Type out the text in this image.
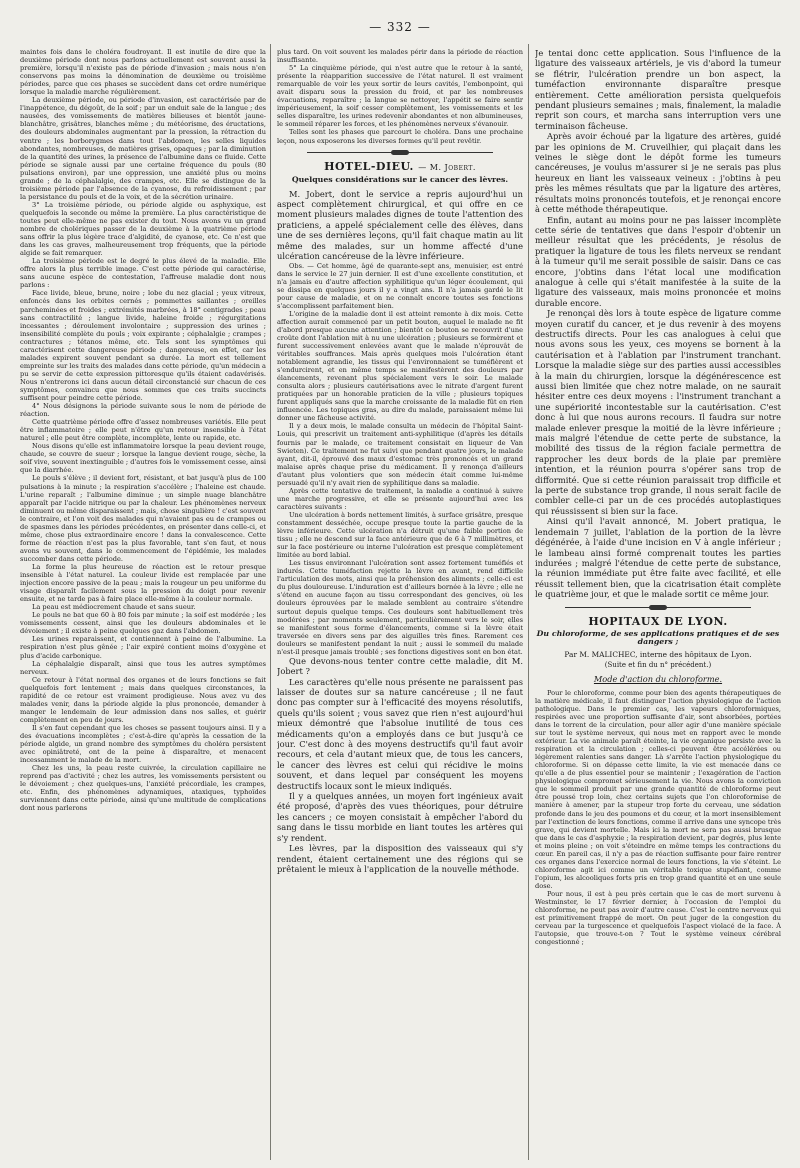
— 332 —

maintes fois dans le choléra foudroyant. Il est inutile de dire que la deuxième période dont nous parlons actuellement est souvent aussi la première, lorsqu'il n'existe pas de période d'invasion ; mais nous n'en conservons pas moins la dénomination de deuxième ou troisième périodes, parce que ces phases se succèdent dans cet ordre numérique lorsque la maladie marche régulièrement.

La deuxième période, ou période d'invasion, est caractérisée par de l'inappétence, du dégoût, de la soif ; par un enduit sale de la langue ; des nausées, des vomissements de matières bilieuses et bientôt jaune-blanchâtre, grisâtres, blanches même ; du météorisme, des éructations, des douleurs abdominales augmentant par la pression, la rétraction du ventre ; les borborygmes dans tout l'abdomen, les selles liquides abondantes, nombreuses, de matières grises, opaques ; par la diminution de la quantité des urines, la présence de l'albumine dans ce fluide. Cette période se signale aussi par une certaine fréquence du pouls (80 pulsations environ), par une oppression, une anxiété plus ou moins grande ; de la céphalalgie, des crampes, etc. Elle se distingue de la troisième période par l'absence de la cyanose, du refroidissement ; par la persistance du pouls et de la voix, et de la sécrétion urinaire.

3° La troisième période, ou période algide ou asphyxique, est quelquefois la seconde ou même la première. La plus caractéristique de toutes peut elle-même ne pas exister du tout. Nous avons vu un grand nombre de cholériques passer de la deuxième à la quatrième période sans offrir la plus légère trace d'algidité, de cyanose, etc. Ce n'est que dans les cas graves, malheureusement trop fréquents, que la période algide se fait remarquer.

La troisième période est le degré le plus élevé de la maladie. Elle offre alors la plus terrible image. C'est cette période qui caractérise, sans aucune espèce de contestation, l'affreuse maladie dont nous parlons :

Face livide, bleue, brune, noire ; lobe du nez glacial ; yeux vitreux, enfoncés dans les orbites cernés ; pommettes saillantes ; oreilles parcheminées et froides ; extrémités marbrées, à 18° centigrades ; peau sans contractilité ; langue livide, haleine froide ; régurgitations incessantes ; déroulement involontaire ; suppression des urines ; insensibilité complète du pouls ; voix expirante ; céphalalgie ; crampes ; contractures ; tétanos même, etc. Tels sont les symptômes qui caractérisent cette dangereuse période ; dangereuse, en effet, car les malades expirent souvent pendant sa durée. La mort est tellement empreinte sur les traits des malades dans cette période, qu'un médecin a pu se servir de cette expression pittoresque qu'ils étaient cadavérisés. Nous n'entrerons ici dans aucun détail circonstancié sur chacun de ces symptômes, convaincu que nous sommes que ces traits succincts suffisent pour peindre cette période.

4° Nous désignons la période suivante sous le nom de période de réaction.

Cette quatrième période offre d'assez nombreuses variétés. Elle peut être inflammatoire ; elle peut n'être qu'un retour insensible à l'état naturel ; elle peut être complète, incomplète, lente ou rapide, etc.

Nous disons qu'elle est inflammatoire lorsque la peau devient rouge, chaude, se couvre de sueur ; lorsque la langue devient rouge, sèche, la soif vive, souvent inextinguible ; d'autres fois le vomissement cesse, ainsi que la diarrhée.

Le pouls s'élève ; il devient fort, résistant, et bat jusqu'à plus de 100 pulsations à la minute ; la respiration s'accélère ; l'haleine est chaude. L'urine reparaît ; l'albumine diminue ; un simple nuage blanchâtre apparaît par l'acide nitrique ou par la chaleur. Les phénomènes nerveux diminuent ou même disparaissent ; mais, chose singulière ! c'est souvent le contraire, et l'on voit des malades qui n'avaient pas eu de crampes ou de spasmes dans les périodes précédentes, en présenter dans celle-ci, et même, chose plus extraordinaire encore ! dans la convalescence. Cette forme de réaction n'est pas la plus favorable, tant s'en faut, et nous avons vu souvent, dans le commencement de l'épidémie, les malades succomber dans cette période.

La forme la plus heureuse de réaction est le retour presque insensible à l'état naturel. La couleur livide est remplacée par une injection encore passive de la peau ; mais la rougeur un peu uniforme du visage disparaît facilement sous la pression du doigt pour revenir ensuite, et ne tarde pas à faire place elle-même à la couleur normale.

La peau est médiocrement chaude et sans sueur.

Le pouls ne bat que 60 à 80 fois par minute ; la soif est modérée ; les vomissements cessent, ainsi que les douleurs abdominales et le dévoiement ; il existe à peine quelques gaz dans l'abdomen.

Les urines reparaissent, et contiennent à peine de l'albumine. La respiration n'est plus gênée ; l'air expiré contient moins d'oxygène et plus d'acide carbonique.

La céphalalgie disparaît, ainsi que tous les autres symptômes nerveux.

Ce retour à l'état normal des organes et de leurs fonctions se fait quelquefois fort lentement ; mais dans quelques circonstances, la rapidité de ce retour est vraiment prodigieuse. Nous avez vu des malades venir, dans la période algide la plus prononcée, demander à manger le lendemain de leur admission dans nos salles, et guérir complètement en peu de jours.

Il s'en faut cependant que les choses se passent toujours ainsi. Il y a des évacuations incomplètes ; c'est-à-dire qu'après la cessation de la période algide, un grand nombre des symptômes du choléra persistent avec opiniâtreté, ont de la peine à disparaître, et menacent incessamment le malade de la mort.

Chez les uns, la peau reste cuivrée, la circulation capillaire ne reprend pas d'activité ; chez les autres, les vomissements persistent ou le dévoiement ; chez quelques-uns, l'anxiété précordiale, les crampes, etc. Enfin, des phénomènes adynamiques, ataxiques, typhoïdes surviennent dans cette période, ainsi qu'une multitude de complications dont nous parlerons

plus tard. On voit souvent les malades périr dans la période de réaction insuffisante.

5° La cinquième période, qui n'est autre que le retour à la santé, présente la réapparition successive de l'état naturel. Il est vraiment remarquable de voir les yeux sortir de leurs cavités, l'embonpoint, qui avait disparu sous la pression du froid, et par les nombreuses évacuations, reparaître ; la langue se nettoyer, l'appétit se faire sentir impérieusement, la soif cesser complètement, les vomissements et les selles disparaître, les urines redevenir abondantes et non albumineuses, le sommeil réparer les forces, et les phénomènes nerveux s'évanouir.

Telles sont les phases que parcourt le choléra. Dans une prochaine leçon, nous exposerons les diverses formes qu'il peut revêtir.

HOTEL-DIEU. — M. Jobert.
Quelques considérations sur le cancer des lèvres.

M. Jobert, dont le service a repris aujourd'hui un aspect complètement chirurgical, et qui offre en ce moment plusieurs malades dignes de toute l'attention des praticiens, a appelé spécialement celle des élèves, dans une de ses dernières leçons, qu'il fait chaque matin au lit même des malades, sur un homme affecté d'une ulcération cancéreuse de la lèvre inférieure.

Obs. — Cet homme, âgé de quarante-sept ans, menuisier, est entré dans le service le 27 juin dernier. Il est d'une excellente constitution, et n'a jamais eu d'autre affection syphilitique qu'un léger écoulement, qui se dissipa en quelques jours il y a vingt ans. Il n'a jamais gardé le lit pour cause de maladie, et on ne connaît encore toutes ses fonctions s'accomplissent parfaitement bien.

L'origine de la maladie dont il est atteint remonte à dix mois. Cette affection aurait commencé par un petit bouton, auquel le malade ne fit d'abord presque aucune attention ; bientôt ce bouton se recouvrit d'une croûte dont l'ablation mit à nu une ulcération ; plusieurs se formèrent et furent successivement enlevées avant que le malade n'éprouvât de véritables souffrances. Mais après quelques mois l'ulcération étant notablement agrandie, les tissus qui l'environnaient se tuméfièrent et s'endurcirent, et en même temps se manifestèrent des douleurs par élancements, revenant plus spécialement vers le soir. Le malade consulta alors ; plusieurs cautérisations avec le nitrate d'argent furent pratiquées par un honorable praticien de la ville ; plusieurs topiques furent appliqués sans que la marche croissante de la maladie fût en rien influencée. Les topiques gras, au dire du malade, paraissaient même lui donner une fâcheuse activité.

Il y a deux mois, le malade consulta un médecin de l'hôpital Saint-Louis, qui prescrivit un traitement anti-syphilitique (d'après les détails fournis par le malade, ce traitement consistait en liqueur de Van Swieten). Ce traitement ne fut suivi que pendant quatre jours, le malade ayant, dit-il, éprouvé des maux d'estomac très prononcés et un grand malaise après chaque prise du médicament. Il y renonça d'ailleurs d'autant plus volontiers que son médecin était comme lui-même persuadé qu'il n'y avait rien de syphilitique dans sa maladie.

Après cette tentative de traitement, la maladie a continué à suivre une marche progressive, et elle se présente aujourd'hui avec les caractères suivants :

Une ulcération à bords nettement limités, à surface grisâtre, presque constamment desséchée, occupe presque toute la partie gauche de la lèvre inférieure. Cette ulcération n'a détruit qu'une faible portion de tissu ; elle ne descend sur la face antérieure que de 6 à 7 millimètres, et sur la face postérieure ou interne l'ulcération est presque complètement limitée au bord labial.

Les tissus environnant l'ulcération sont assez fortement tuméfiés et indurés. Cette tuméfaction rejette la lèvre en avant, rend difficile l'articulation des mots, ainsi que la préhension des aliments ; celle-ci est du plus douloureuse. L'induration est d'ailleurs bornée à la lèvre ; elle ne s'étend en aucune façon au tissu correspondant des gencives, où les douleurs éprouvées par le malade semblent au contraire s'étendre surtout depuis quelque temps. Ces douleurs sont habituellement très modérées ; par moments seulement, particulièrement vers le soir, elles se manifestent sous forme d'élancements, comme si la lèvre était traversée en divers sens par des aiguilles très fines. Rarement ces douleurs se manifestent pendant la nuit ; aussi le sommeil du malade n'est-il presque jamais troublé ; ses fonctions digestives sont en bon état.

Que devons-nous tenter contre cette maladie, dit M. Jobert ?

Les caractères qu'elle nous présente ne paraissent pas laisser de doutes sur sa nature cancéreuse ; il ne faut donc pas compter sur à l'efficacité des moyens résolutifs, quels qu'ils soient ; vous savez que rien n'est aujourd'hui mieux démontré que l'absolue inutilité de tous ces médicaments qu'on a employés dans ce but jusqu'à ce jour. C'est donc à des moyens destructifs qu'il faut avoir recours, et cela d'autant mieux que, de tous les cancers, le cancer des lèvres est celui qui récidive le moins souvent, et dans lequel par conséquent les moyens destructifs locaux sont le mieux indiqués.

Il y a quelques années, un moyen fort ingénieux avait été proposé, d'après des vues théoriques, pour détruire les cancers ; ce moyen consistait à empêcher l'abord du sang dans le tissu morbide en liant toutes les artères qui s'y rendent.

Les lèvres, par la disposition des vaisseaux qui s'y rendent, étaient certainement une des régions qui se prêtaient le mieux à l'application de la nouvelle méthode.

Je tentai donc cette application. Sous l'influence de la ligature des vaisseaux artériels, je vis d'abord la tumeur se flétrir, l'ulcération prendre un bon aspect, la tuméfaction environnante disparaître presque entièrement. Cette amélioration persista quelquefois pendant plusieurs semaines ; mais, finalement, la maladie reprit son cours, et marcha sans interruption vers une terminaison fâcheuse.

Après avoir échoué par la ligature des artères, guidé par les opinions de M. Cruveilhier, qui plaçait dans les veines le siège dont le dépôt forme les tumeurs cancéreuses, je voulus m'assurer si je ne serais pas plus heureux en liant les vaisseaux veineux : j'obtins à peu près les mêmes résultats que par la ligature des artères, résultats moins prononcés toutefois, et je renonçai encore à cette méthode thérapeutique.

Enfin, autant au moins pour ne pas laisser incomplète cette série de tentatives que dans l'espoir d'obtenir un meilleur résultat que les précédents, je résolus de pratiquer la ligature de tous les filets nerveux se rendant à la tumeur qu'il me serait possible de saisir. Dans ce cas encore, j'obtins dans l'état local une modification analogue à celle qui s'était manifestée à la suite de la ligature des vaisseaux, mais moins prononcée et moins durable encore.

Je renonçai dès lors à toute espèce de ligature comme moyen curatif du cancer, et je dus revenir à des moyens destructifs directs. Pour les cas analogues à celui que nous avons sous les yeux, ces moyens se bornent à la cautérisation et à l'ablation par l'instrument tranchant. Lorsque la maladie siège sur des parties aussi accessibles à la main du chirurgien, lorsque la dégénérescence est aussi bien limitée que chez notre malade, on ne saurait hésiter entre ces deux moyens : l'instrument tranchant a une supériorité incontestable sur la cautérisation. C'est donc à lui que nous aurons recours. Il faudra sur notre malade enlever presque la moitié de la lèvre inférieure ; mais malgré l'étendue de cette perte de substance, la mobilité des tissus de la région faciale permettra de rapprocher les deux bords de la plaie par première intention, et la réunion pourra s'opérer sans trop de difformité. Que si cette réunion paraissait trop difficile et la perte de substance trop grande, il nous serait facile de combler celle-ci par un de ces procédés autoplastiques qui réussissent si bien sur la face.

Ainsi qu'il l'avait annoncé, M. Jobert pratiqua, le lendemain 7 juillet, l'ablation de la portion de la lèvre dégénérée, à l'aide d'une incision en V à angle inférieur ; le lambeau ainsi formé comprenait toutes les parties indurées ; malgré l'étendue de cette perte de substance, la réunion immédiate put être faite avec facilité, et elle réussit tellement bien, que la cicatrisation était complète le quatrième jour, et que le malade sortit ce même jour.

HOPITAUX DE LYON.
Du chloroforme, de ses applications pratiques et de ses dangers ;
Par M. MALICHEC, interne des hôpitaux de Lyon.
(Suite et fin du n° précédent.)
Mode d'action du chloroforme.

Pour le chloroforme, comme pour bien des agents thérapeutiques de la matière médicale, il faut distinguer l'action physiologique de l'action pathologique. Dans le premier cas, les vapeurs chloroformiques, respirées avec une proportion suffisante d'air, sont absorbées, portées dans le torrent de la circulation, pour aller agir d'une manière spéciale sur tout le système nerveux, qui nous met en rapport avec le monde extérieur. La vie animale paraît éteinte, la vie organique persiste avec la respiration et la circulation ; celles-ci peuvent être accélérées ou légèrement ralenties sans danger. Là s'arrête l'action physiologique du chloroforme. Si on dépasse cette limite, la vie est menacée dans ce qu'elle a de plus essentiel pour se maintenir ; l'exagération de l'action physiologique compromet sérieusement la vie. Nous avons la conviction que le sommeil produit par une grande quantité de chloroforme peut être poussé trop loin, chez certains sujets que l'on chloroformise de manière à amener, par la stupeur trop forte du cerveau, une sédation profonde dans le jeu des poumons et du cœur, et la mort insensiblement par l'extinction de leurs fonctions, comme il arrive dans une syncope très grave, qui devient mortelle. Mais ici la mort ne sera pas aussi brusque que dans le cas d'asphyxie ; la respiration devient, par degrés, plus lente et moins pleine ; on voit s'éteindre en même temps les contractions du cœur. En pareil cas, il n'y a pas de réaction suffisante pour faire rentrer ces organes dans l'exercice normal de leurs fonctions, la vie s'éteint. Le chloroforme agit ici comme un véritable toxique stupéfiant, comme l'opium, les alcooliques forts pris en trop grand quantité et en une seule dose.

Pour nous, il est à peu près certain que le cas de mort survenu à Westminster, le 17 février dernier, à l'occasion de l'emploi du chloroforme, ne peut pas avoir d'autre cause. C'est le centre nerveux qui est primitivement frappé de mort. On peut juger de la congestion du cerveau par la turgescence et quelquefois l'aspect violacé de la face. À l'autopsie, que trouve-t-on ? Tout le système veineux cérébral congestionné ;
